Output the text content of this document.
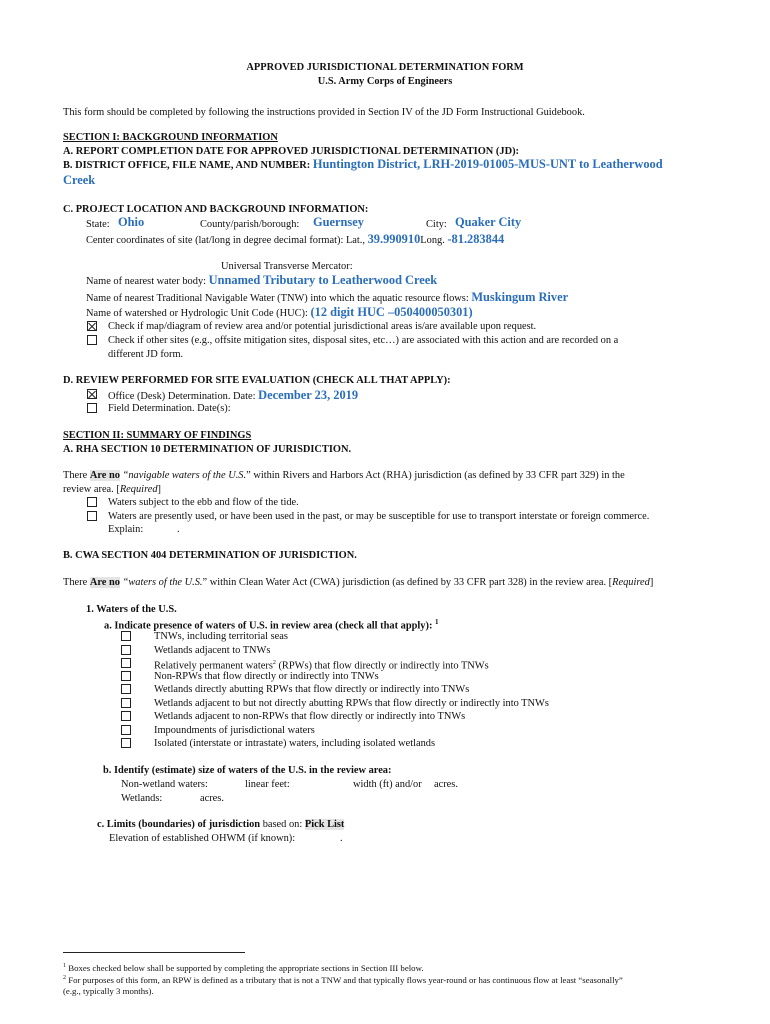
APPROVED JURISDICTIONAL DETERMINATION FORM
U.S. Army Corps of Engineers
This form should be completed by following the instructions provided in Section IV of the JD Form Instructional Guidebook.
SECTION I: BACKGROUND INFORMATION
A. REPORT COMPLETION DATE FOR APPROVED JURISDICTIONAL DETERMINATION (JD):
B. DISTRICT OFFICE, FILE NAME, AND NUMBER: Huntington District, LRH-2019-01005-MUS-UNT to Leatherwood
Creek
C. PROJECT LOCATION AND BACKGROUND INFORMATION:
State: Ohio	County/parish/borough: Guernsey	City: Quaker City
Center coordinates of site (lat/long in degree decimal format): Lat., 39.990910Long. -81.283844
Universal Transverse Mercator:
Name of nearest water body: Unnamed Tributary to Leatherwood Creek
Name of nearest Traditional Navigable Water (TNW) into which the aquatic resource flows: Muskingum River
Name of watershed or Hydrologic Unit Code (HUC): (12 digit HUC –050400050301)
Check if map/diagram of review area and/or potential jurisdictional areas is/are available upon request.
Check if other sites (e.g., offsite mitigation sites, disposal sites, etc…) are associated with this action and are recorded on a
different JD form.
D. REVIEW PERFORMED FOR SITE EVALUATION (CHECK ALL THAT APPLY):
Office (Desk) Determination. Date: December 23, 2019
Field Determination. Date(s):
SECTION II: SUMMARY OF FINDINGS
A. RHA SECTION 10 DETERMINATION OF JURISDICTION.
There Are no “navigable waters of the U.S.” within Rivers and Harbors Act (RHA) jurisdiction (as defined by 33 CFR part 329) in the
review area. [Required]
Waters subject to the ebb and flow of the tide.
Waters are presently used, or have been used in the past, or may be susceptible for use to transport interstate or foreign commerce.
Explain:	.
B. CWA SECTION 404 DETERMINATION OF JURISDICTION.
There Are no “waters of the U.S.” within Clean Water Act (CWA) jurisdiction (as defined by 33 CFR part 328) in the review area. [Required]
1. Waters of the U.S.
a. Indicate presence of waters of U.S. in review area (check all that apply): $^1$
TNWs, including territorial seas
Wetlands adjacent to TNWs
Relatively permanent waters$^2$ (RPWs) that flow directly or indirectly into TNWs
Non-RPWs that flow directly or indirectly into TNWs
Wetlands directly abutting RPWs that flow directly or indirectly into TNWs
Wetlands adjacent to but not directly abutting RPWs that flow directly or indirectly into TNWs
Wetlands adjacent to non-RPWs that flow directly or indirectly into TNWs
Impoundments of jurisdictional waters
Isolated (interstate or intrastate) waters, including isolated wetlands
b. Identify (estimate) size of waters of the U.S. in the review area:
Non-wetland waters:	linear feet:	width (ft) and/or acres.
Wetlands:	acres.
c. Limits (boundaries) of jurisdiction based on: Pick List
Elevation of established OHWM (if known):	.
$^1$ Boxes checked below shall be supported by completing the appropriate sections in Section III below.
$^2$ For purposes of this form, an RPW is defined as a tributary that is not a TNW and that typically flows year-round or has continuous flow at least “seasonally”
(e.g., typically 3 months).
